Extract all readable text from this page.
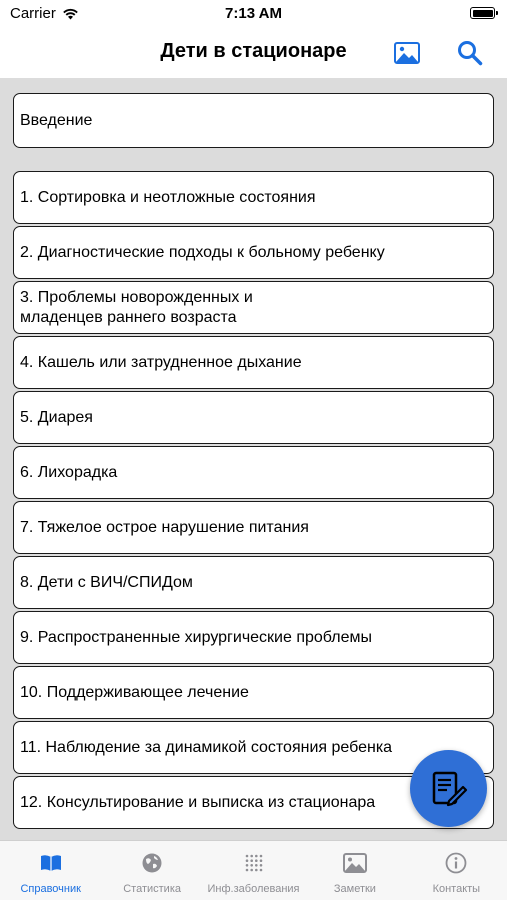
Carrier	7:13 AM
Дети в стационаре
Введение
1. Сортировка и неотложные состояния
2. Диагностические подходы к больному ребенку
3. Проблемы новорожденных и младенцев раннего возраста
4. Кашель или затрудненное дыхание
5. Диарея
6. Лихорадка
7. Тяжелое острое нарушение питания
8. Дети с ВИЧ/СПИДом
9. Распространенные хирургические проблемы
10. Поддерживающее лечение
11. Наблюдение за динамикой состояния ребенка
12. Консультирование и выписка из стационара
Справочник	Статистика Инф.заболевания	Заметки	Контакты
